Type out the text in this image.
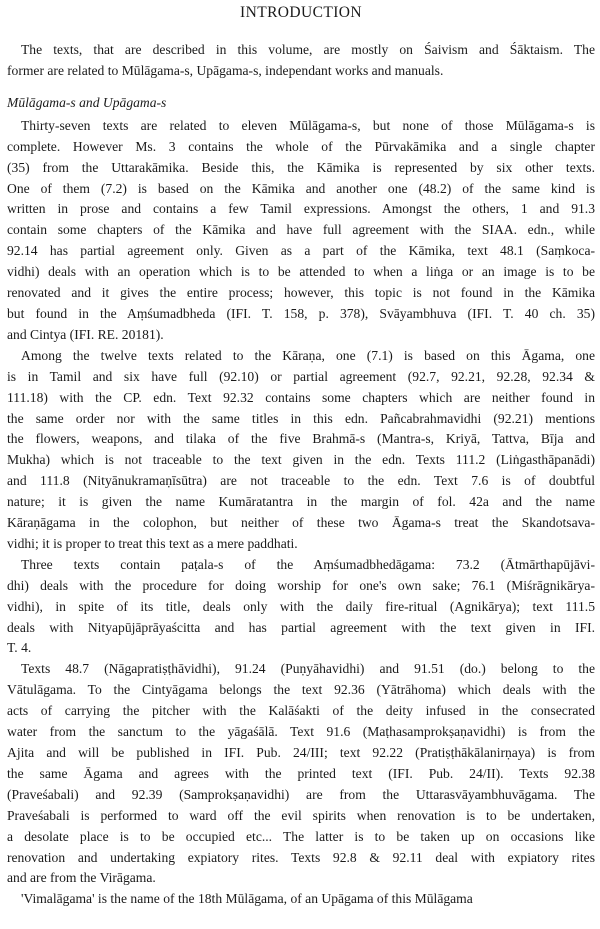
INTRODUCTION
The texts, that are described in this volume, are mostly on Śaivism and Śāktaism. The
former are related to Mūlāgama-s, Upāgama-s, independant works and manuals.
Mūlāgama-s and Upāgama-s
Thirty-seven texts are related to eleven Mūlāgama-s, but none of those Mūlāgama-s is
complete. However Ms. 3 contains the whole of the Pūrvakāmika and a single chapter
(35) from the Uttarakāmika. Beside this, the Kāmika is represented by six other texts.
One of them (7.2) is based on the Kāmika and another one (48.2) of the same kind is
written in prose and contains a few Tamil expressions. Amongst the others, 1 and 91.3
contain some chapters of the Kāmika and have full agreement with the SIAA. edn., while
92.14 has partial agreement only. Given as a part of the Kāmika, text 48.1 (Saṃkoca-
vidhi) deals with an operation which is to be attended to when a liṅga or an image is to be
renovated and it gives the entire process; however, this topic is not found in the Kāmika
but found in the Aṃśumadbheda (IFI. T. 158, p. 378), Svāyambhuva (IFI. T. 40 ch. 35)
and Cintya (IFI. RE. 20181).
Among the twelve texts related to the Kāraṇa, one (7.1) is based on this Āgama, one
is in Tamil and six have full (92.10) or partial agreement (92.7, 92.21, 92.28, 92.34 &
111.18) with the CP. edn. Text 92.32 contains some chapters which are neither found in
the same order nor with the same titles in this edn. Pañcabrahmavidhi (92.21) mentions
the flowers, weapons, and tilaka of the five Brahmā-s (Mantra-s, Kriyā, Tattva, Bīja and
Mukha) which is not traceable to the text given in the edn. Texts 111.2 (Liṅgasthāpanādi)
and 111.8 (Nityānukramaṇīsūtra) are not traceable to the edn. Text 7.6 is of doubtful
nature; it is given the name Kumāratantra in the margin of fol. 42a and the name
Kāraṇāgama in the colophon, but neither of these two Āgama-s treat the Skandotsava-
vidhi; it is proper to treat this text as a mere paddhati.
Three texts contain paṭala-s of the Aṃśumadbhedāgama: 73.2 (Ātmārthapūjāvi-
dhi) deals with the procedure for doing worship for one's own sake; 76.1 (Miśrāgnikārya-
vidhi), in spite of its title, deals only with the daily fire-ritual (Agnikārya); text 111.5
deals with Nityapūjāprāyaścitta and has partial agreement with the text given in IFI.
T. 4.
Texts 48.7 (Nāgapratiṣṭhāvidhi), 91.24 (Puṇyāhavidhi) and 91.51 (do.) belong to the
Vātulāgama. To the Cintyāgama belongs the text 92.36 (Yātrāhoma) which deals with the
acts of carrying the pitcher with the Kalāśakti of the deity infused in the consecrated
water from the sanctum to the yāgaśālā. Text 91.6 (Maṭhasamprokṣaṇavidhi) is from the
Ajita and will be published in IFI. Pub. 24/III; text 92.22 (Pratiṣṭhākālanirṇaya) is from
the same Āgama and agrees with the printed text (IFI. Pub. 24/II). Texts 92.38
(Praveśabali) and 92.39 (Samprokṣaṇavidhi) are from the Uttarasvāyambhuvāgama. The
Praveśabali is performed to ward off the evil spirits when renovation is to be undertaken,
a desolate place is to be occupied etc... The latter is to be taken up on occasions like
renovation and undertaking expiatory rites. Texts 92.8 & 92.11 deal with expiatory rites
and are from the Virāgama.
'Vimalāgama' is the name of the 18th Mūlāgama, of an Upāgama of this Mūlāgama
